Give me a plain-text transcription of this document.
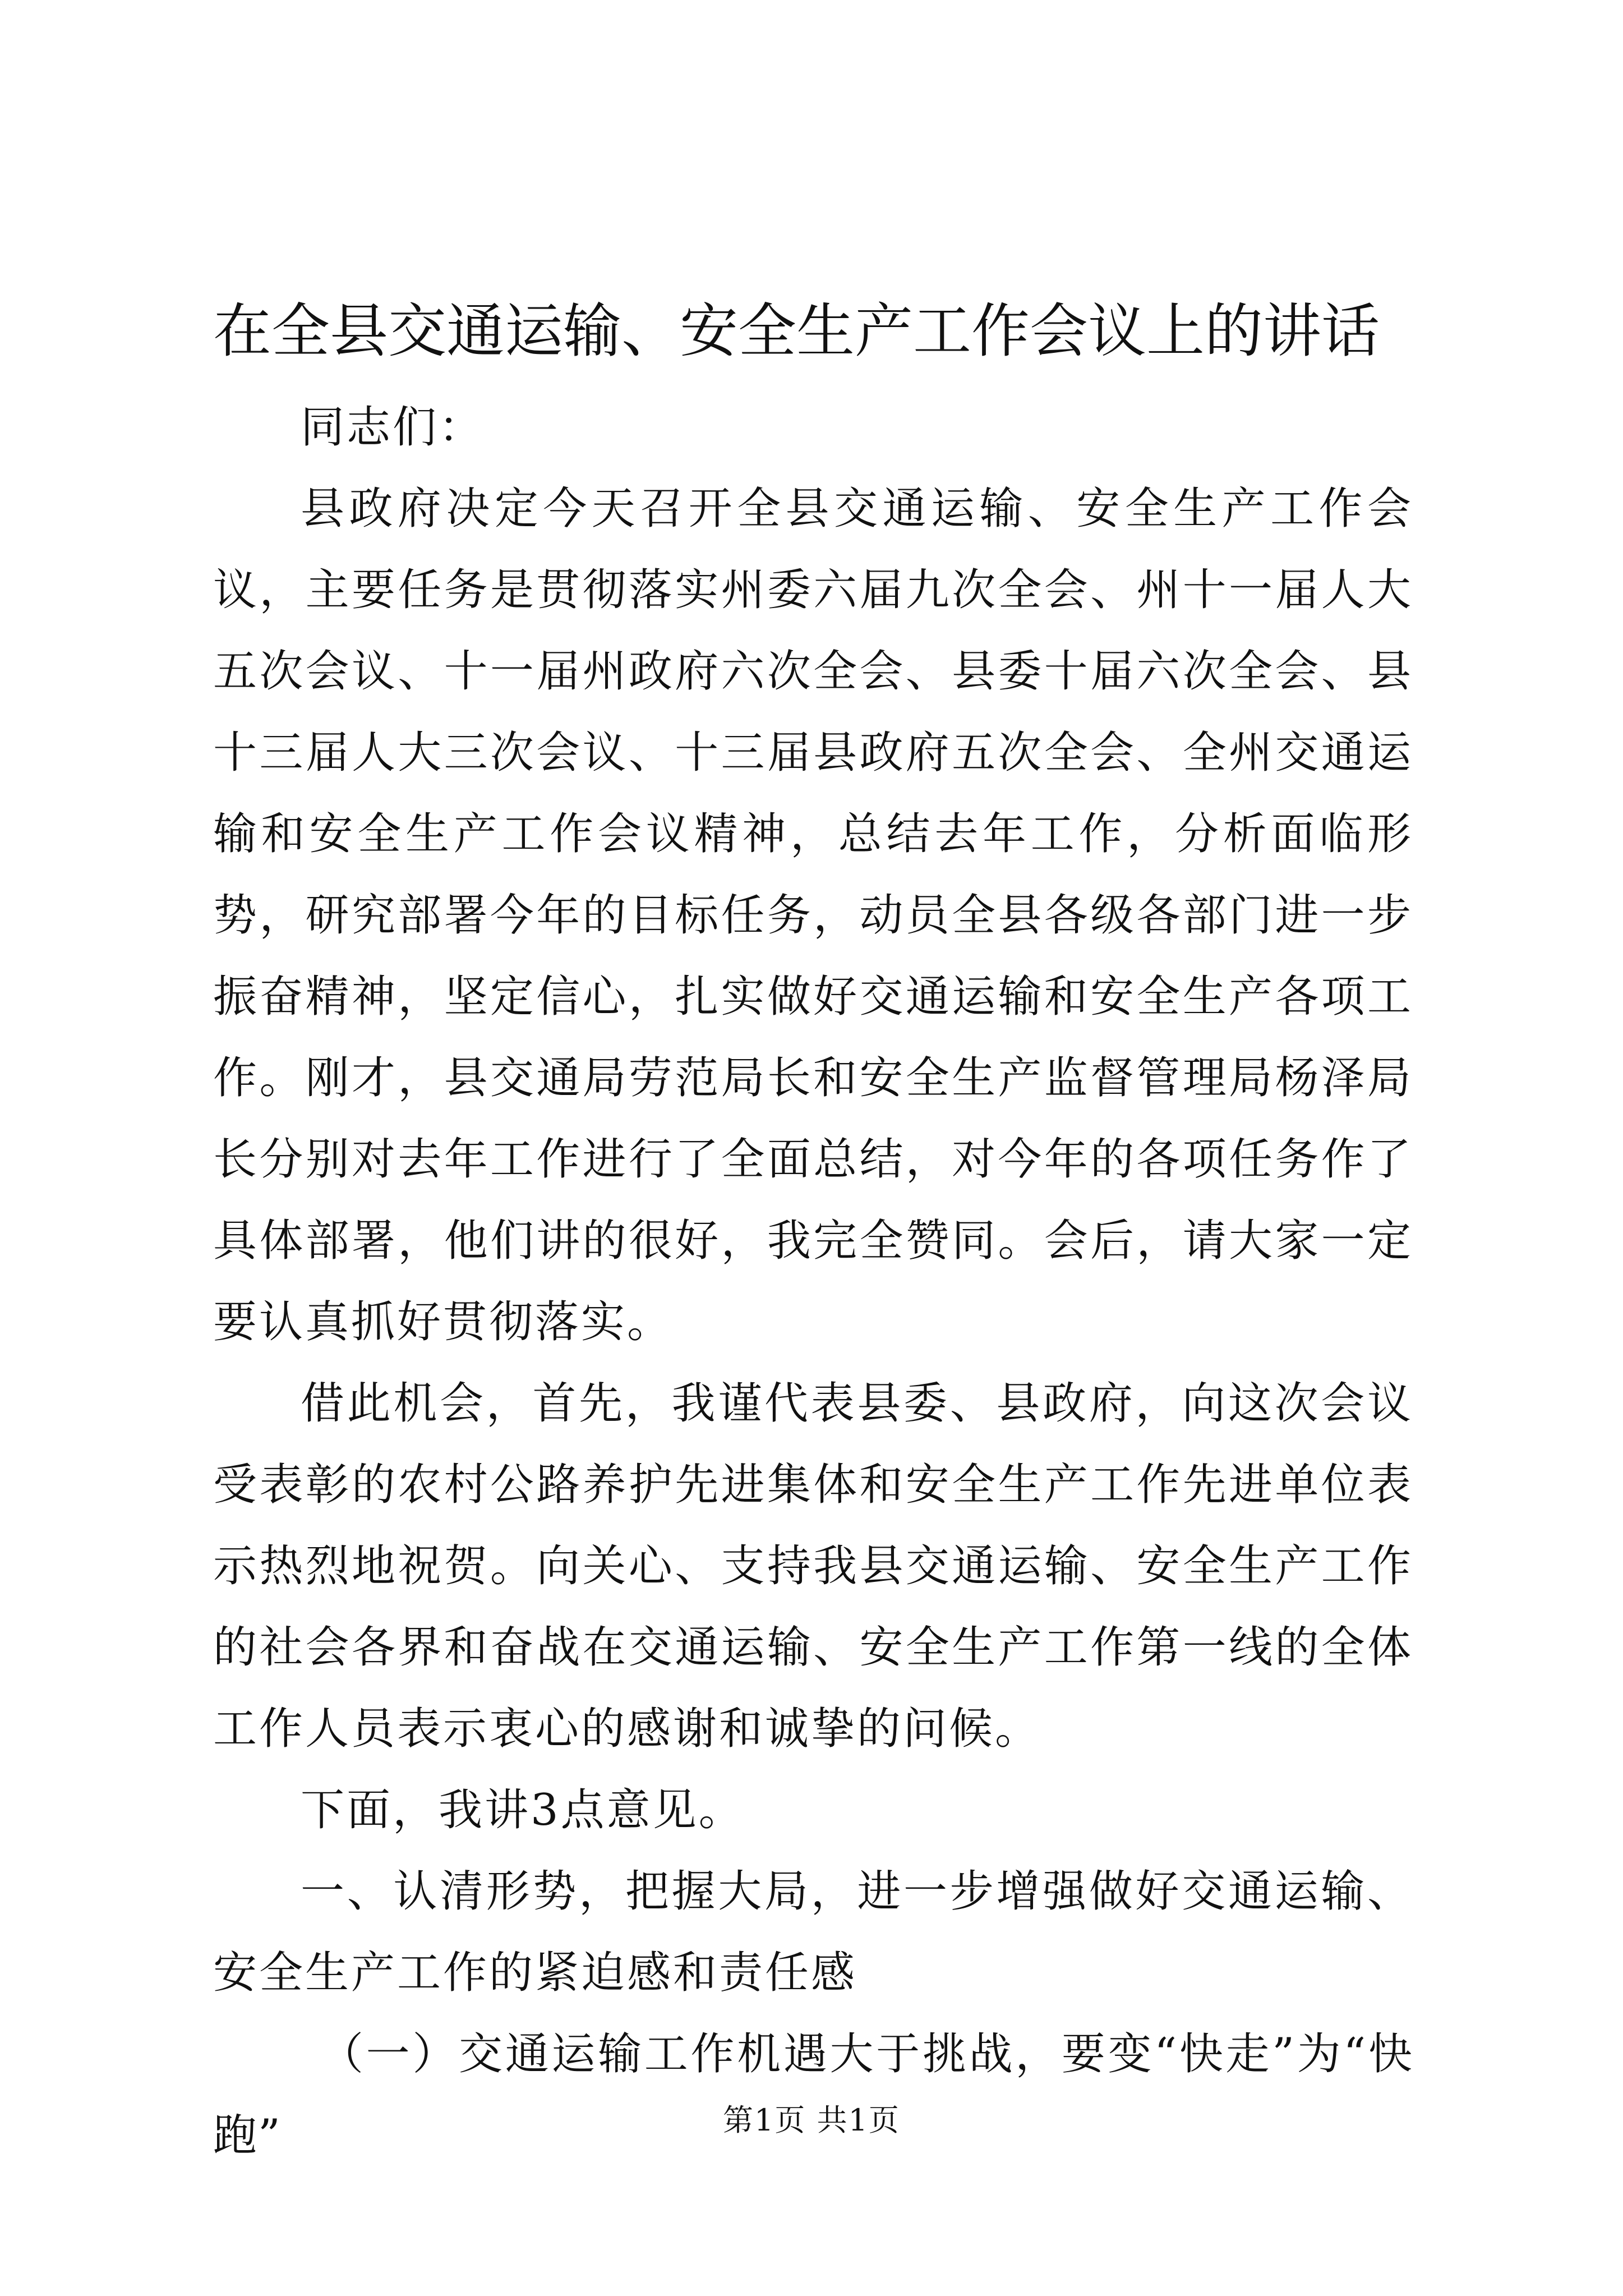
在全县交通运输、安全生产工作会议上的讲话

同志们：

县政府决定今天召开全县交通运输、安全生产工作会议，主要任务是贯彻落实州委六届九次全会、州十一届人大五次会议、十一届州政府六次全会、县委十届六次全会、县十三届人大三次会议、十三届县政府五次全会、全州交通运输和安全生产工作会议精神，总结去年工作，分析面临形势，研究部署今年的目标任务，动员全县各级各部门进一步振奋精神，坚定信心，扎实做好交通运输和安全生产各项工作。刚才，县交通局劳范局长和安全生产监督管理局杨泽局长分别对去年工作进行了全面总结，对今年的各项任务作了具体部署，他们讲的很好，我完全赞同。会后，请大家一定要认真抓好贯彻落实。

借此机会，首先，我谨代表县委、县政府，向这次会议受表彰的农村公路养护先进集体和安全生产工作先进单位表示热烈地祝贺。向关心、支持我县交通运输、安全生产工作的社会各界和奋战在交通运输、安全生产工作第一线的全体工作人员表示衷心的感谢和诚挚的问候。

下面，我讲3点意见。

一、认清形势，把握大局，进一步增强做好交通运输、安全生产工作的紧迫感和责任感

（一）交通运输工作机遇大于挑战，要变“快走”为“快跑”	第1页 共1页
